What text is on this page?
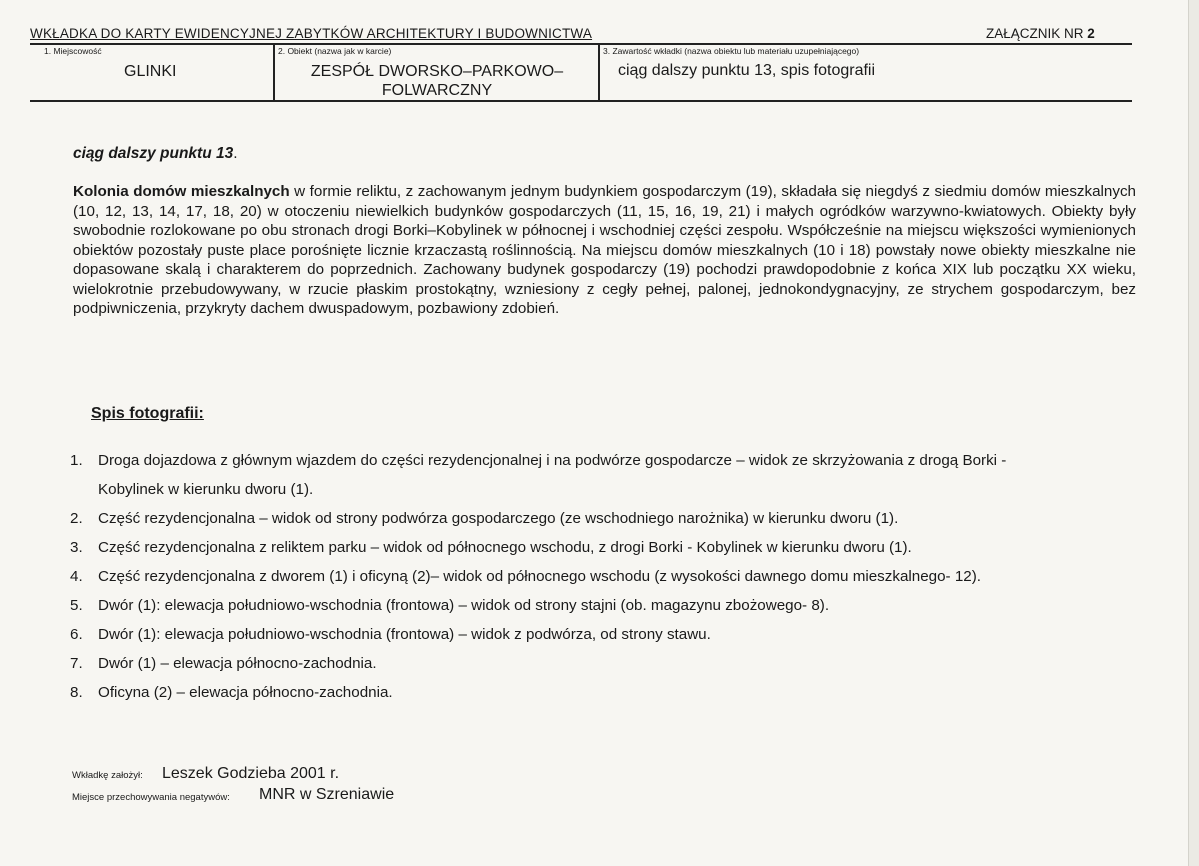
WKŁADKA DO KARTY EWIDENCYJNEJ ZABYTKÓW ARCHITEKTURY I BUDOWNICTWA	ZAŁĄCZNIK NR 2
1. Miejscowość
GLINKI
2. Obiekt (nazwa jak w karcie)
ZESPÓŁ DWORSKO–PARKOWO–
FOLWARCZNY
3. Zawartość wkładki (nazwa obiektu lub materiału uzupełniającego)
ciąg dalszy punktu 13, spis fotografii
ciąg dalszy punktu 13.
Kolonia domów mieszkalnych w formie reliktu, z zachowanym jednym budynkiem gospodarczym (19), składała się niegdyś z siedmiu domów mieszkalnych (10, 12, 13, 14, 17, 18, 20) w otoczeniu niewielkich budynków gospodarczych (11, 15, 16, 19, 21) i małych ogródków warzywno-kwiatowych. Obiekty były swobodnie rozlokowane po obu stronach drogi Borki–Kobylinek w północnej i wschodniej części zespołu. Współcześnie na miejscu większości wymienionych obiektów pozostały puste place porośnięte licznie krzaczastą roślinnością. Na miejscu domów mieszkalnych (10 i 18) powstały nowe obiekty mieszkalne nie dopasowane skalą i charakterem do poprzednich. Zachowany budynek gospodarczy (19) pochodzi prawdopodobnie z końca XIX lub początku XX wieku, wielokrotnie przebudowywany, w rzucie płaskim prostokątny, wzniesiony z cegły pełnej, palonej, jednokondygnacyjny, ze strychem gospodarczym, bez podpiwniczenia, przykryty dachem dwuspadowym, pozbawiony zdobień.
Spis fotografii:
1. Droga dojazdowa z głównym wjazdem do części rezydencjonalnej i na podwórze gospodarcze – widok ze skrzyżowania z drogą Borki -
Kobylinek w kierunku dworu (1).
2. Część rezydencjonalna – widok od strony podwórza gospodarczego (ze wschodniego narożnika) w kierunku dworu (1).
3. Część rezydencjonalna z reliktem parku – widok od północnego wschodu, z drogi Borki - Kobylinek w kierunku dworu (1).
4. Część rezydencjonalna z dworem (1) i oficyną (2)– widok od północnego wschodu (z wysokości dawnego domu mieszkalnego- 12).
5. Dwór (1): elewacja południowo-wschodnia (frontowa) – widok od strony stajni (ob. magazynu zbożowego- 8).
6. Dwór (1): elewacja południowo-wschodnia (frontowa) – widok z podwórza, od strony stawu.
7. Dwór (1) – elewacja północno-zachodnia.
8. Oficyna (2) – elewacja północno-zachodnia.
Wkładkę założył: Leszek Godzieba 2001 r.
Miejsce przechowywania negatywów: MNR w Szreniawie
